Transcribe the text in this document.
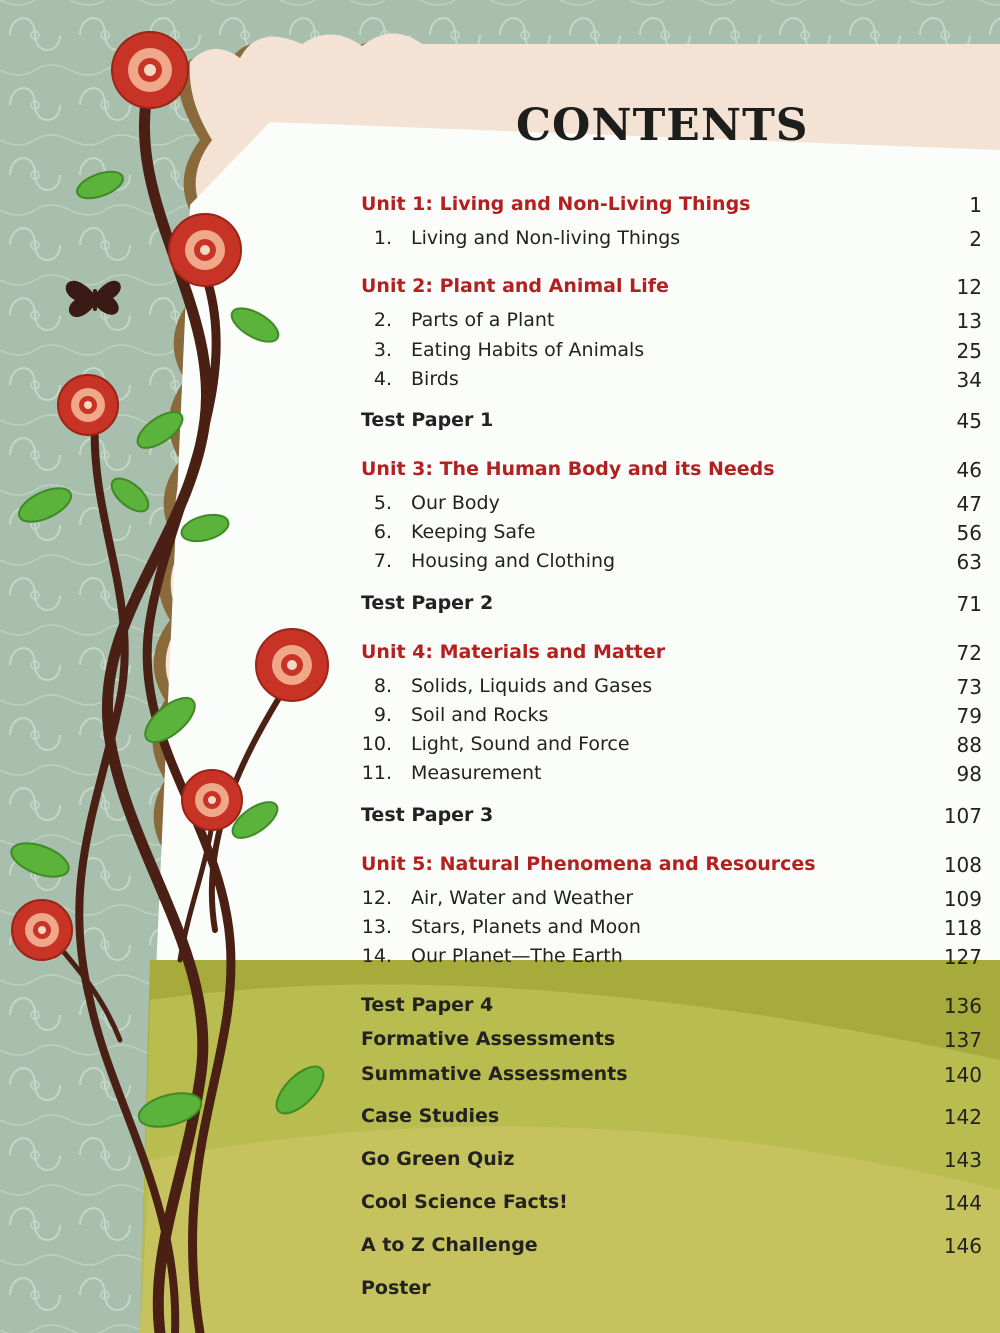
CONTENTS
Unit 1: Living and Non-Living Things	1
1. Living and Non-living Things	2
Unit 2: Plant and Animal Life	12
2. Parts of a Plant	13
3. Eating Habits of Animals	25
4. Birds	34
Test Paper 1	45
Unit 3: The Human Body and its Needs	46
5. Our Body	47
6. Keeping Safe	56
7. Housing and Clothing	63
Test Paper 2	71
Unit 4: Materials and Matter	72
8. Solids, Liquids and Gases	73
9. Soil and Rocks	79
10. Light, Sound and Force	88
11. Measurement	98
Test Paper 3	107
Unit 5: Natural Phenomena and Resources	108
12. Air, Water and Weather	109
13. Stars, Planets and Moon	118
14. Our Planet—The Earth	127
Test Paper 4	136
Formative Assessments	137
Summative Assessments	140
Case Studies	142
Go Green Quiz	143
Cool Science Facts!	144
A to Z Challenge	146
Poster
